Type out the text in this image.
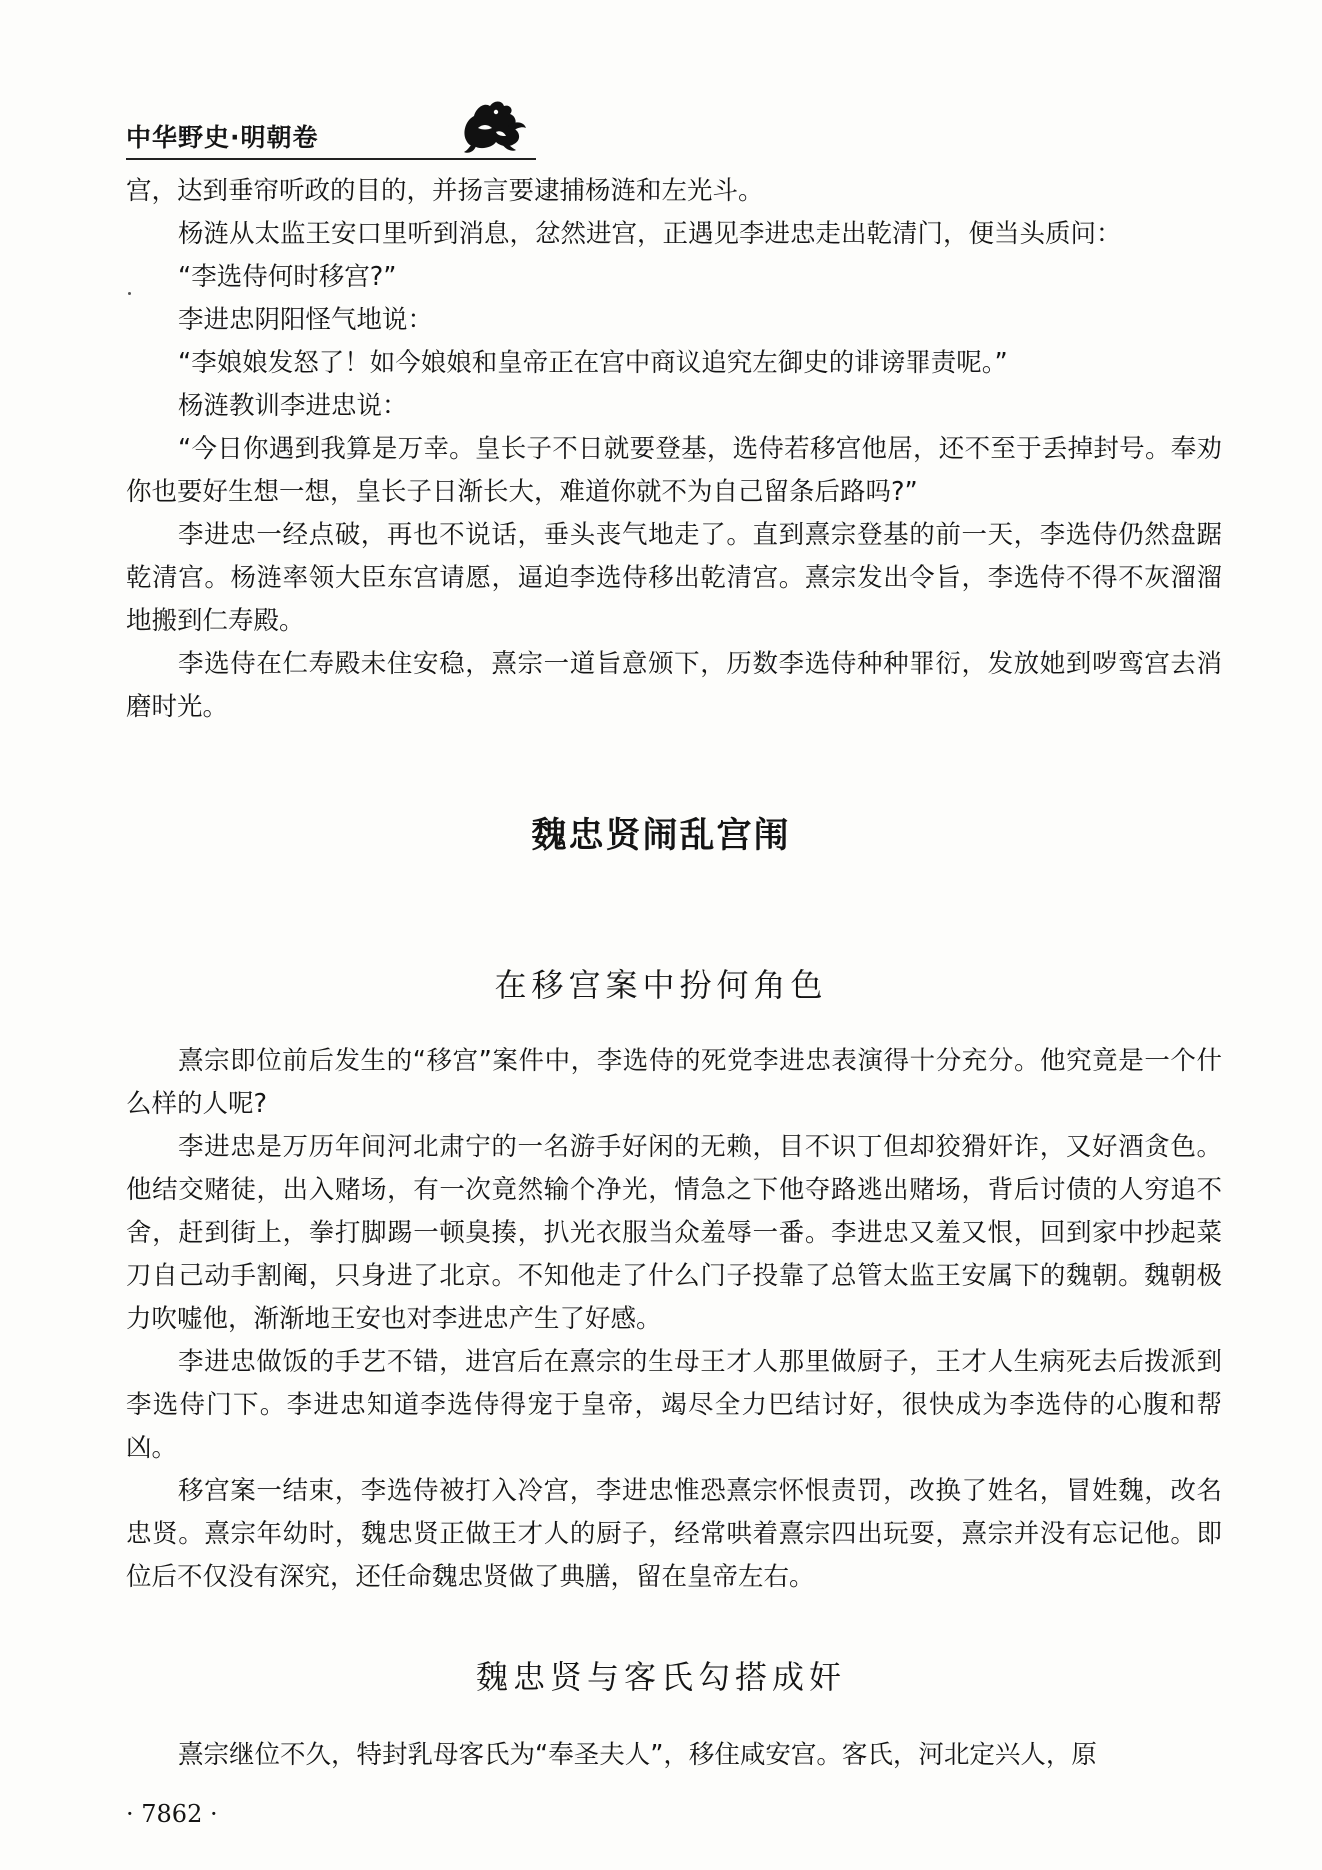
中华野史·明朝卷

宫，达到垂帘听政的目的，并扬言要逮捕杨涟和左光斗。

杨涟从太监王安口里听到消息，忿然进宫，正遇见李进忠走出乾清门，便当头质问：

“李选侍何时移宫?”

李进忠阴阳怪气地说：

“李娘娘发怒了！如今娘娘和皇帝正在宫中商议追究左御史的诽谤罪责呢。”

杨涟教训李进忠说：

“今日你遇到我算是万幸。皇长子不日就要登基，选侍若移宫他居，还不至于丢掉封号。奉劝你也要好生想一想，皇长子日渐长大，难道你就不为自己留条后路吗?”

李进忠一经点破，再也不说话，垂头丧气地走了。直到熹宗登基的前一天，李选侍仍然盘踞乾清宫。杨涟率领大臣东宫请愿，逼迫李选侍移出乾清宫。熹宗发出令旨，李选侍不得不灰溜溜地搬到仁寿殿。

李选侍在仁寿殿未住安稳，熹宗一道旨意颁下，历数李选侍种种罪衍，发放她到哕鸾宫去消磨时光。

魏忠贤闹乱宫闱
在移宫案中扮何角色

熹宗即位前后发生的“移宫”案件中，李选侍的死党李进忠表演得十分充分。他究竟是一个什么样的人呢?

李进忠是万历年间河北肃宁的一名游手好闲的无赖，目不识丁但却狡猾奸诈，又好酒贪色。他结交赌徒，出入赌场，有一次竟然输个净光，情急之下他夺路逃出赌场，背后讨债的人穷追不舍，赶到街上，拳打脚踢一顿臭揍，扒光衣服当众羞辱一番。李进忠又羞又恨，回到家中抄起菜刀自己动手割阉，只身进了北京。不知他走了什么门子投靠了总管太监王安属下的魏朝。魏朝极力吹嘘他，渐渐地王安也对李进忠产生了好感。

李进忠做饭的手艺不错，进宫后在熹宗的生母王才人那里做厨子，王才人生病死去后拨派到李选侍门下。李进忠知道李选侍得宠于皇帝，竭尽全力巴结讨好，很快成为李选侍的心腹和帮凶。

移宫案一结束，李选侍被打入冷宫，李进忠惟恐熹宗怀恨责罚，改换了姓名，冒姓魏，改名忠贤。熹宗年幼时，魏忠贤正做王才人的厨子，经常哄着熹宗四出玩耍，熹宗并没有忘记他。即位后不仅没有深究，还任命魏忠贤做了典膳，留在皇帝左右。

魏忠贤与客氏勾搭成奸

熹宗继位不久，特封乳母客氏为“奉圣夫人”，移住咸安宫。客氏，河北定兴人，原

· 7862 ·
